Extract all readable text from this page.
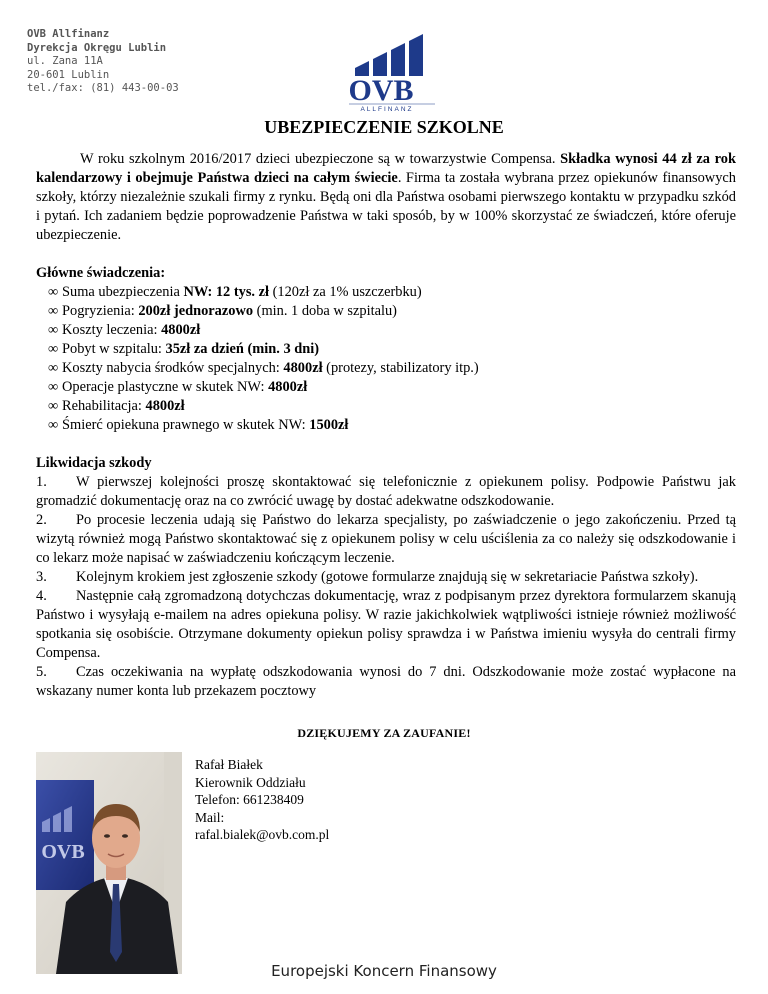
OVB Allfinanz
Dyrekcja Okręgu Lublin
ul. Zana 11A
20-601 Lublin
tel./fax: (81) 443-00-03	OVB
ALLFINANZ
UBEZPIECZENIE SZKOLNE

W roku szkolnym 2016/2017 dzieci ubezpieczone są w towarzystwie Compensa. Składka wynosi 44 zł za rok kalendarzowy i obejmuje Państwa dzieci na całym świecie. Firma ta została wybrana przez opiekunów finansowych szkoły, którzy niezależnie szukali firmy z rynku. Będą oni dla Państwa osobami pierwszego kontaktu w przypadku szkód i pytań. Ich zadaniem będzie poprowadzenie Państwa w taki sposób, by w 100% skorzystać ze świadczeń, które oferuje ubezpieczenie.

Główne świadczenia:

∞ Suma ubezpieczenia NW: 12 tys. zł (120zł za 1% uszczerbku)
∞ Pogryzienia: 200zł jednorazowo (min. 1 doba w szpitalu)
∞ Koszty leczenia: 4800zł
∞ Pobyt w szpitalu: 35zł za dzień (min. 3 dni)
∞ Koszty nabycia środków specjalnych: 4800zł (protezy, stabilizatory itp.)
∞ Operacje plastyczne w skutek NW: 4800zł
∞ Rehabilitacja: 4800zł
∞ Śmierć opiekuna prawnego w skutek NW: 1500zł

Likwidacja szkody

1. W pierwszej kolejności proszę skontaktować się telefonicznie z opiekunem polisy. Podpowie Państwu jak gromadzić dokumentację oraz na co zwrócić uwagę by dostać adekwatne odszkodowanie.

2. Po procesie leczenia udają się Państwo do lekarza specjalisty, po zaświadczenie o jego zakończeniu. Przed tą wizytą również mogą Państwo skontaktować się z opiekunem polisy w celu uściślenia za co należy się odszkodowanie i co lekarz może napisać w zaświadczeniu kończącym leczenie.

3. Kolejnym krokiem jest zgłoszenie szkody (gotowe formularze znajdują się w sekretariacie Państwa szkoły).

4. Następnie całą zgromadzoną dotychczas dokumentację, wraz z podpisanym przez dyrektora formularzem skanują Państwo i wysyłają e-mailem na adres opiekuna polisy. W razie jakichkolwiek wątpliwości istnieje również możliwość spotkania się osobiście. Otrzymane dokumenty opiekun polisy sprawdza i w Państwa imieniu wysyła do centrali firmy Compensa.

5. Czas oczekiwania na wypłatę odszkodowania wynosi do 7 dni. Odszkodowanie może zostać wypłacone na wskazany numer konta lub przekazem pocztowy

DZIĘKUJEMY ZA ZAUFANIE!
OVB
Rafał Białek
Kierownik Oddziału
Telefon: 661238409
Mail:
rafal.bialek@ovb.com.pl
Europejski Koncern Finansowy
